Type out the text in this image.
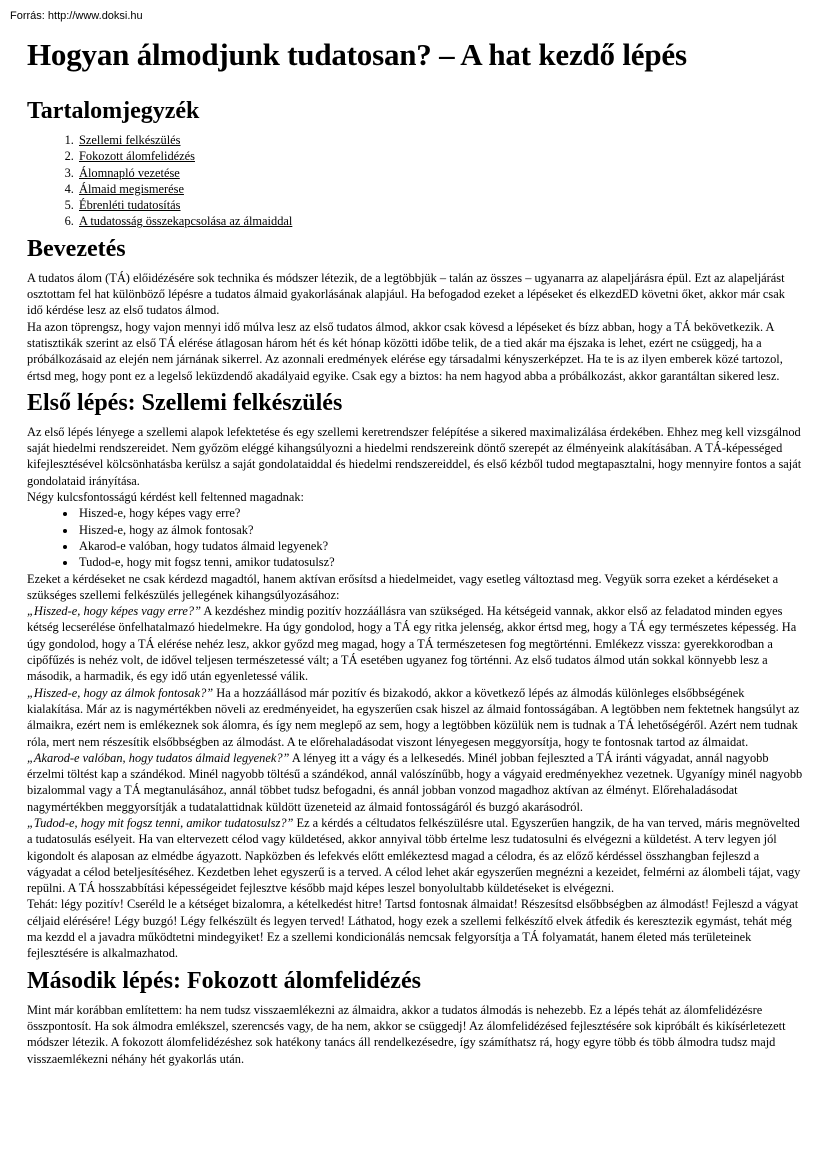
Forrás: http://www.doksi.hu
Hogyan álmodjunk tudatosan? – A hat kezdő lépés
Tartalomjegyzék
1. Szellemi felkészülés
2. Fokozott álomfelidézés
3. Álomnapló vezetése
4. Álmaid megismerése
5. Ébrenléti tudatosítás
6. A tudatosság összekapcsolása az álmaiddal
Bevezetés

A tudatos álom (TÁ) előidézésére sok technika és módszer létezik, de a legtöbbjük – talán az összes – ugyanarra az alapeljárásra épül. Ezt az alapeljárást osztottam fel hat különböző lépésre a tudatos álmaid gyakorlásának alapjául. Ha befogadod ezeket a lépéseket és elkezdED követni őket, akkor már csak idő kérdése lesz az első tudatos álmod.

Ha azon töprengsz, hogy vajon mennyi idő múlva lesz az első tudatos álmod, akkor csak kövesd a lépéseket és bízz abban, hogy a TÁ bekövetkezik. A statisztikák szerint az első TÁ elérése átlagosan három hét és két hónap közötti időbe telik, de a tied akár ma éjszaka is lehet, ezért ne csüggedj, ha a próbálkozásaid az elején nem járnának sikerrel. Az azonnali eredmények elérése egy társadalmi kényszerképzet. Ha te is az ilyen emberek közé tartozol, értsd meg, hogy pont ez a legelső leküzdendő akadályaid egyike. Csak egy a biztos: ha nem hagyod abba a próbálkozást, akkor garantáltan sikered lesz.

Első lépés: Szellemi felkészülés

Az első lépés lényege a szellemi alapok lefektetése és egy szellemi keretrendszer felépítése a sikered maximalizálása érdekében. Ehhez meg kell vizsgálnod saját hiedelmi rendszereidet. Nem győzöm eléggé kihangsúlyozni a hiedelmi rendszereink döntő szerepét az élményeink alakításában. A TÁ-képességed kifejlesztésével kölcsönhatásba kerülsz a saját gondolataiddal és hiedelmi rendszereiddel, és első kézből tudod megtapasztalni, hogy mennyire fontos a saját gondolataid irányítása.

Négy kulcsfontosságú kérdést kell feltenned magadnak:

• Hiszed-e, hogy képes vagy erre?
• Hiszed-e, hogy az álmok fontosak?
• Akarod-e valóban, hogy tudatos álmaid legyenek?
• Tudod-e, hogy mit fogsz tenni, amikor tudatosulsz?

Ezeket a kérdéseket ne csak kérdezd magadtól, hanem aktívan erősítsd a hiedelmeidet, vagy esetleg változtasd meg. Vegyük sorra ezeket a kérdéseket a szükséges szellemi felkészülés jellegének kihangsúlyozásához:

„Hiszed-e, hogy képes vagy erre?” A kezdéshez mindig pozitív hozzáállásra van szükséged. Ha kétségeid vannak, akkor első az feladatod minden egyes kétség lecserélése önfelhatalmazó hiedelmekre. Ha úgy gondolod, hogy a TÁ egy ritka jelenség, akkor értsd meg, hogy a TÁ egy természetes képesség. Ha úgy gondolod, hogy a TÁ elérése nehéz lesz, akkor győzd meg magad, hogy a TÁ természetesen fog megtörténni. Emlékezz vissza: gyerekkorodban a cipőfűzés is nehéz volt, de idővel teljesen természetessé vált; a TÁ esetében ugyanez fog történni. Az első tudatos álmod után sokkal könnyebb lesz a második, a harmadik, és egy idő után egyenletessé válik.

„Hiszed-e, hogy az álmok fontosak?” Ha a hozzáállásod már pozitív és bizakodó, akkor a következő lépés az álmodás különleges elsőbbségének kialakítása. Már az is nagymértékben növeli az eredményeidet, ha egyszerűen csak hiszel az álmaid fontosságában. A legtöbben nem fektetnek hangsúlyt az álmaikra, ezért nem is emlékeznek sok álomra, és így nem meglepő az sem, hogy a legtöbben közülük nem is tudnak a TÁ lehetőségéről. Azért nem tudnak róla, mert nem részesítik elsőbbségben az álmodást. A te előrehaladásodat viszont lényegesen meggyorsítja, hogy te fontosnak tartod az álmaidat.

„Akarod-e valóban, hogy tudatos álmaid legyenek?” A lényeg itt a vágy és a lelkesedés. Minél jobban fejleszted a TÁ iránti vágyadat, annál nagyobb érzelmi töltést kap a szándékod. Minél nagyobb töltésű a szándékod, annál valószínűbb, hogy a vágyaid eredményekhez vezetnek. Ugyanígy minél nagyobb bizalommal vagy a TÁ megtanulásához, annál többet tudsz befogadni, és annál jobban vonzod magadhoz aktívan az élményt. Előrehaladásodat nagymértékben meggyorsítják a tudatalattidnak küldött üzeneteid az álmaid fontosságáról és buzgó akarásodról.

„Tudod-e, hogy mit fogsz tenni, amikor tudatosulsz?” Ez a kérdés a céltudatos felkészülésre utal. Egyszerűen hangzik, de ha van terved, máris megnövelted a tudatosulás esélyeit. Ha van eltervezett célod vagy küldetésed, akkor annyival több értelme lesz tudatosulni és elvégezni a küldetést. A terv legyen jól kigondolt és alaposan az elmédbe ágyazott. Napközben és lefekvés előtt emlékeztesd magad a célodra, és az előző kérdéssel összhangban fejleszd a vágyadat a célod beteljesítéséhez. Kezdetben lehet egyszerű is a terved. A célod lehet akár egyszerűen megnézni a kezeidet, felmérni az álombeli tájat, vagy repülni. A TÁ hosszabbítási képességeidet fejlesztve később majd képes leszel bonyolultabb küldetéseket is elvégezni.

Tehát: légy pozitív! Cseréld le a kétséget bizalomra, a kételkedést hitre! Tartsd fontosnak álmaidat! Részesítsd elsőbbségben az álmodást! Fejleszd a vágyat céljaid elérésére! Légy buzgó! Légy felkészült és legyen terved! Láthatod, hogy ezek a szellemi felkészítő elvek átfedik és keresztezik egymást, tehát még ma kezdd el a javadra működtetni mindegyiket! Ez a szellemi kondicionálás nemcsak felgyorsítja a TÁ folyamatát, hanem életed más területeinek fejlesztésére is alkalmazhatod.

Második lépés: Fokozott álomfelidézés

Mint már korábban említettem: ha nem tudsz visszaemlékezni az álmaidra, akkor a tudatos álmodás is nehezebb. Ez a lépés tehát az álomfelidézésre összpontosít. Ha sok álmodra emlékszel, szerencsés vagy, de ha nem, akkor se csüggedj! Az álomfelidézésed fejlesztésére sok kipróbált és kikísérletezett módszer létezik. A fokozott álomfelidézéshez sok hatékony tanács áll rendelkezésedre, így számíthatsz rá, hogy egyre több és több álmodra tudsz majd visszaemlékezni néhány hét gyakorlás után.
